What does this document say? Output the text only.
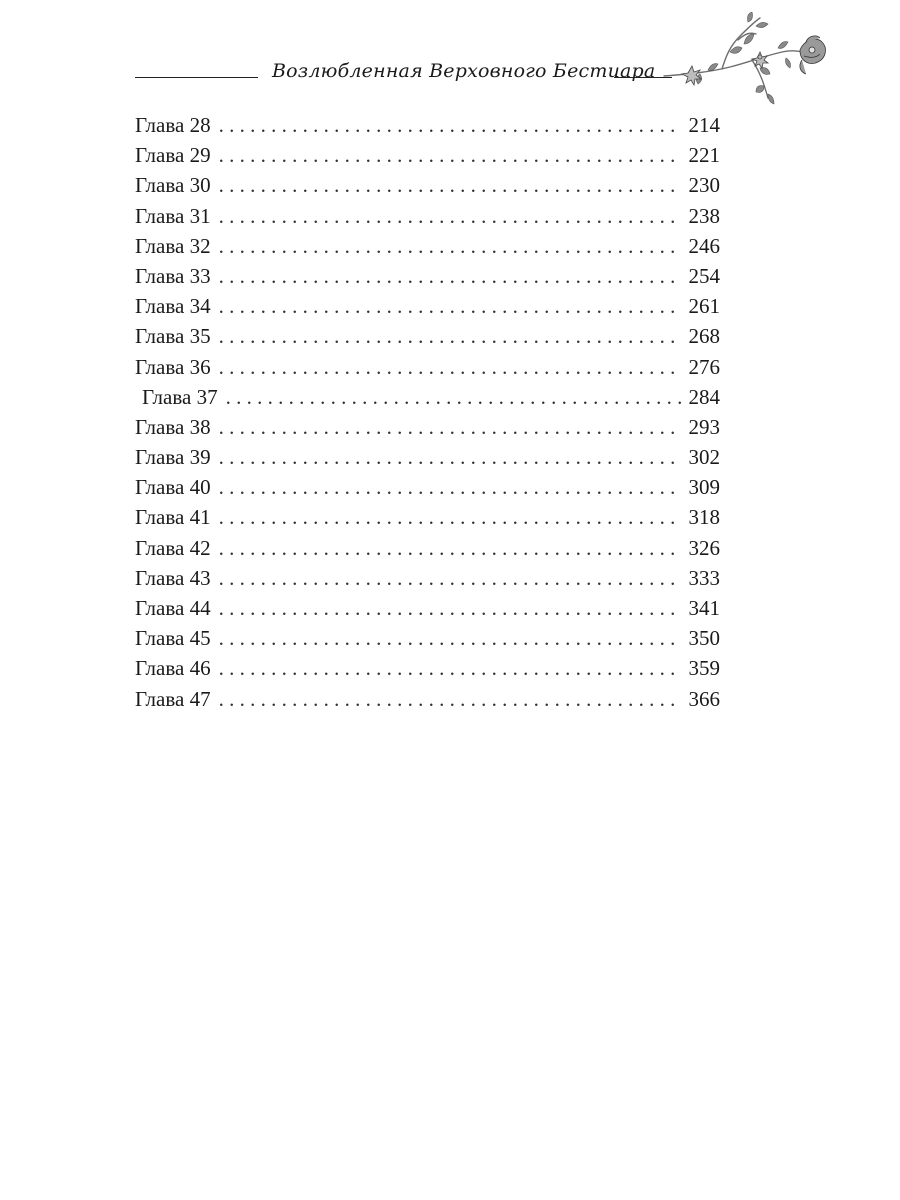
Возлюбленная Верховного Бестиара
Глава 28 . . .	214
Глава 29 . . .	221
Глава 30 . . .	230
Глава 31 . . .	238
Глава 32 . . .	246
Глава 33 . . .	254
Глава 34 . . .	261
Глава 35 . . .	268
Глава 36 . . .	276
Глава 37 . . .	284
Глава 38 . . .	293
Глава 39 . . .	302
Глава 40 . . .	309
Глава 41 . . .	318
Глава 42 . . .	326
Глава 43 . . .	333
Глава 44 . . .	341
Глава 45 . . .	350
Глава 46 . . .	359
Глава 47 . . .	366
